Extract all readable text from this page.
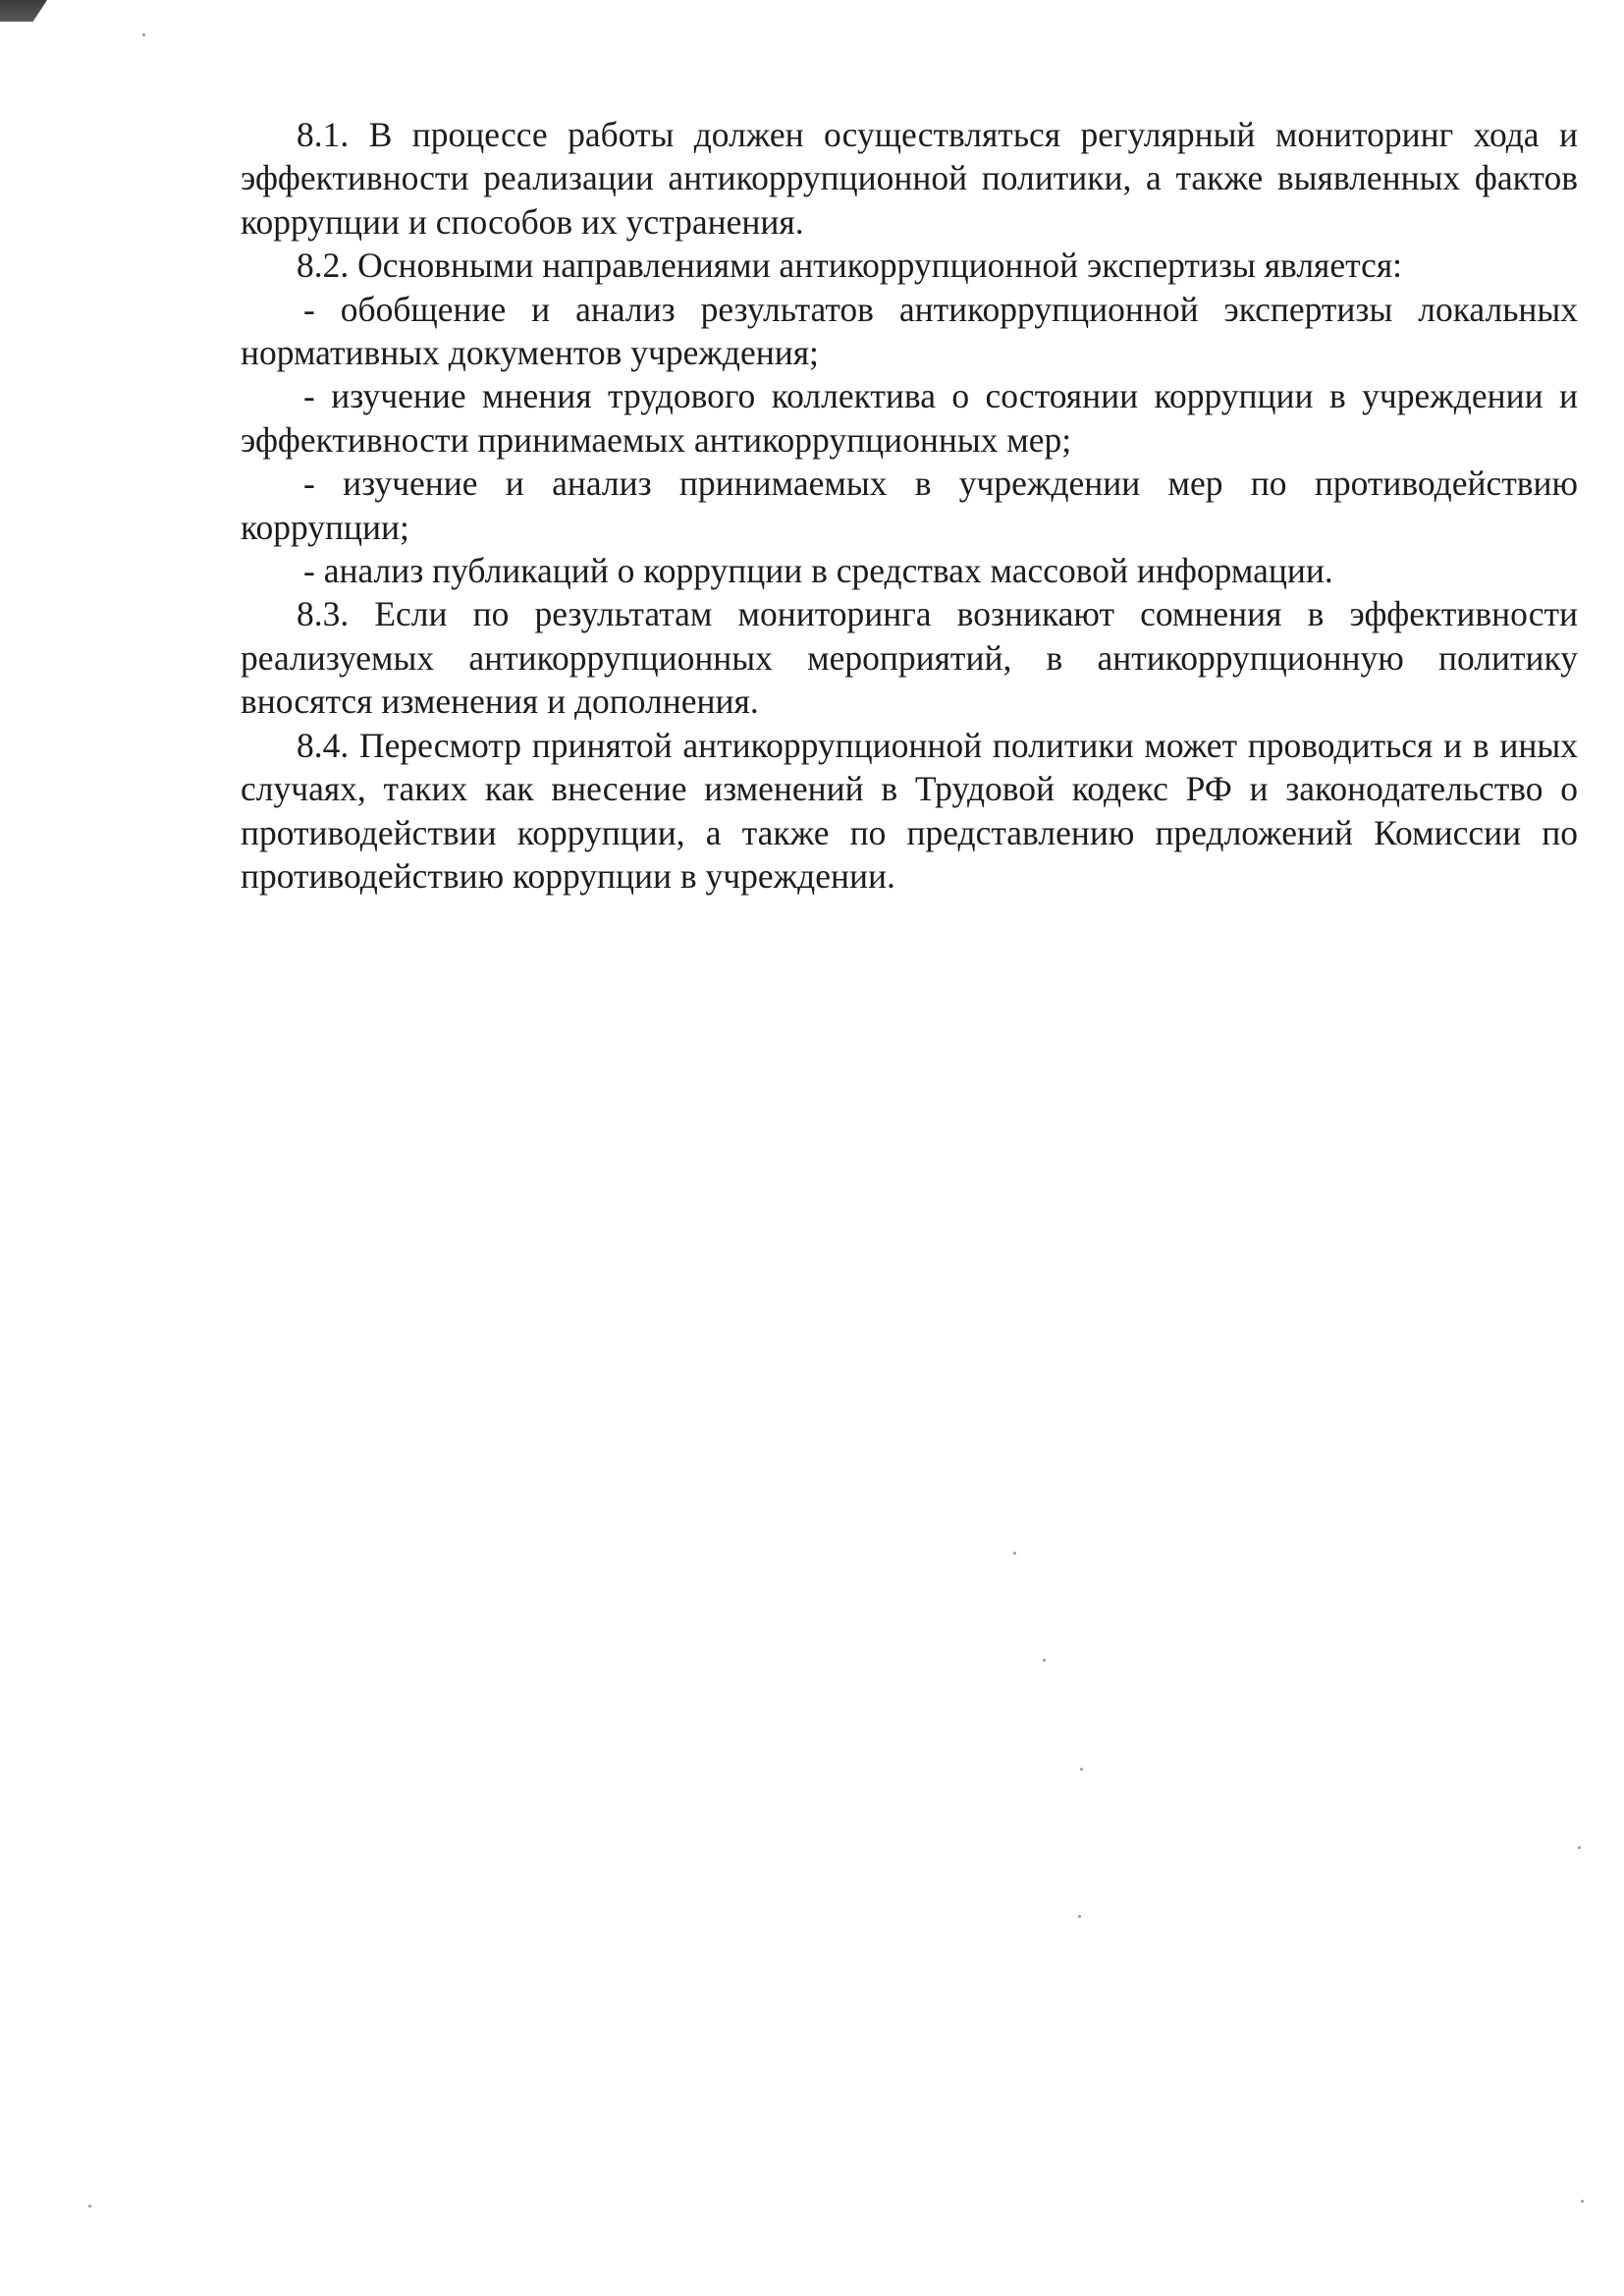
8.1. В процессе работы должен осуществляться регулярный мониторинг хода и эффективности реализации антикоррупционной политики, а также выявленных фактов коррупции и способов их устранения.

8.2. Основными направлениями антикоррупционной экспертизы является:

- обобщение и анализ результатов антикоррупционной экспертизы локальных нормативных документов учреждения;

- изучение мнения трудового коллектива о состоянии коррупции в учреждении и эффективности принимаемых антикоррупционных мер;

- изучение и анализ принимаемых в учреждении мер по противодействию коррупции;

- анализ публикаций о коррупции в средствах массовой информации.

8.3. Если по результатам мониторинга возникают сомнения в эффективности реализуемых антикоррупционных мероприятий, в антикоррупционную политику вносятся изменения и дополнения.

8.4. Пересмотр принятой антикоррупционной политики может проводиться и в иных случаях, таких как внесение изменений в Трудовой кодекс РФ и законодательство о противодействии коррупции, а также по представлению предложений Комиссии по противодействию коррупции в учреждении.
